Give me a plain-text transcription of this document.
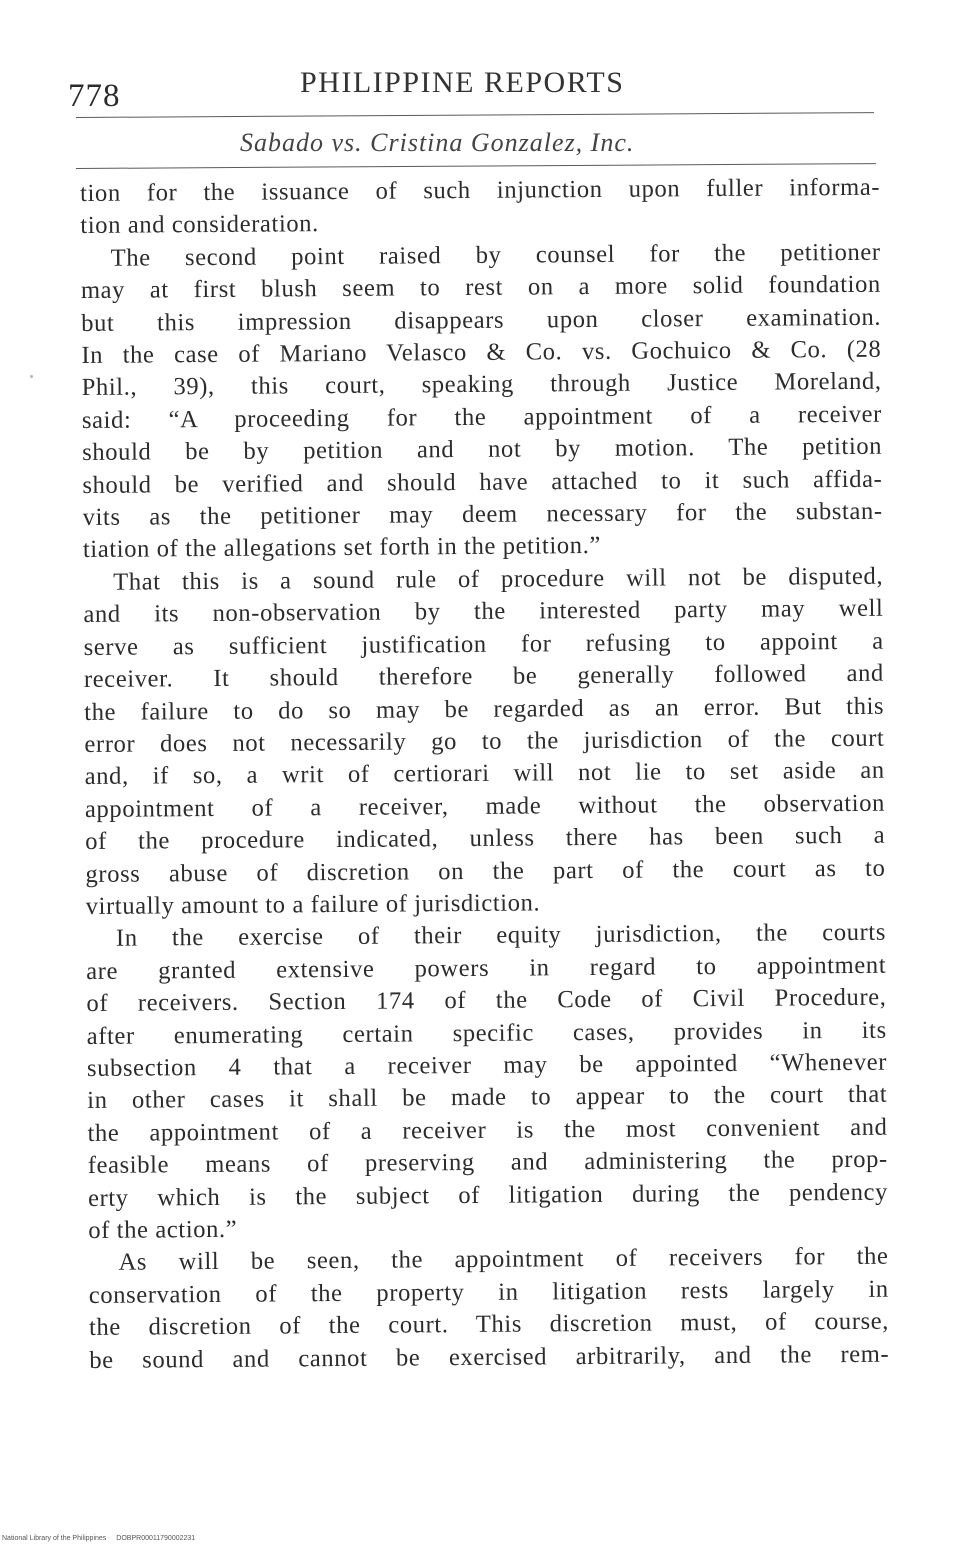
778	PHILIPPINE REPORTS
Sabado vs. Cristina Gonzalez, Inc.
tion for the issuance of such injunction upon fuller informa-
tion and consideration.
The second point raised by counsel for the petitioner
may at first blush seem to rest on a more solid foundation
but this impression disappears upon closer examination.
In the case of Mariano Velasco & Co. vs. Gochuico & Co. (28
Phil., 39), this court, speaking through Justice Moreland,
said: “A proceeding for the appointment of a receiver
should be by petition and not by motion. The petition
should be verified and should have attached to it such affida-
vits as the petitioner may deem necessary for the substan-
tiation of the allegations set forth in the petition.”
That this is a sound rule of procedure will not be disputed,
and its non-observation by the interested party may well
serve as sufficient justification for refusing to appoint a
receiver. It should therefore be generally followed and
the failure to do so may be regarded as an error. But this
error does not necessarily go to the jurisdiction of the court
and, if so, a writ of certiorari will not lie to set aside an
appointment of a receiver, made without the observation
of the procedure indicated, unless there has been such a
gross abuse of discretion on the part of the court as to
virtually amount to a failure of jurisdiction.
In the exercise of their equity jurisdiction, the courts
are granted extensive powers in regard to appointment
of receivers. Section 174 of the Code of Civil Procedure,
after enumerating certain specific cases, provides in its
subsection 4 that a receiver may be appointed “Whenever
in other cases it shall be made to appear to the court that
the appointment of a receiver is the most convenient and
feasible means of preserving and administering the prop-
erty which is the subject of litigation during the pendency
of the action.”
As will be seen, the appointment of receivers for the
conservation of the property in litigation rests largely in
the discretion of the court. This discretion must, of course,
be sound and cannot be exercised arbitrarily, and the rem-
National Library of the Philippines DOBPR00011790002231
